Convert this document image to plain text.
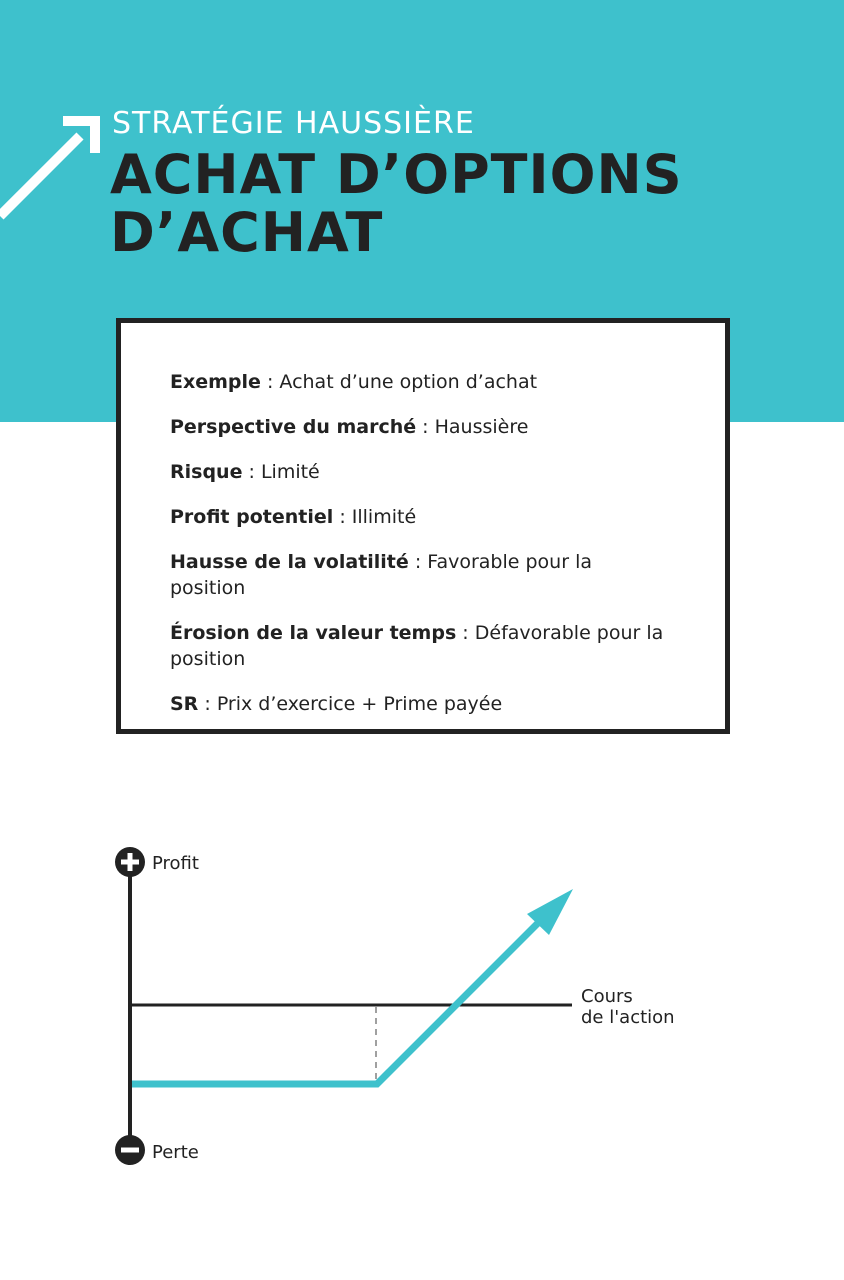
STRATÉGIE HAUSSIÈRE
ACHAT D’OPTIONS
D’ACHAT
Exemple : Achat d’une option d’achat
Perspective du marché : Haussière
Risque : Limité
Profit potentiel : Illimité
Hausse de la volatilité : Favorable pour la position
Érosion de la valeur temps : Défavorable pour la position
SR : Prix d’exercice + Prime payée
Profit
Perte
Cours
de l'action
